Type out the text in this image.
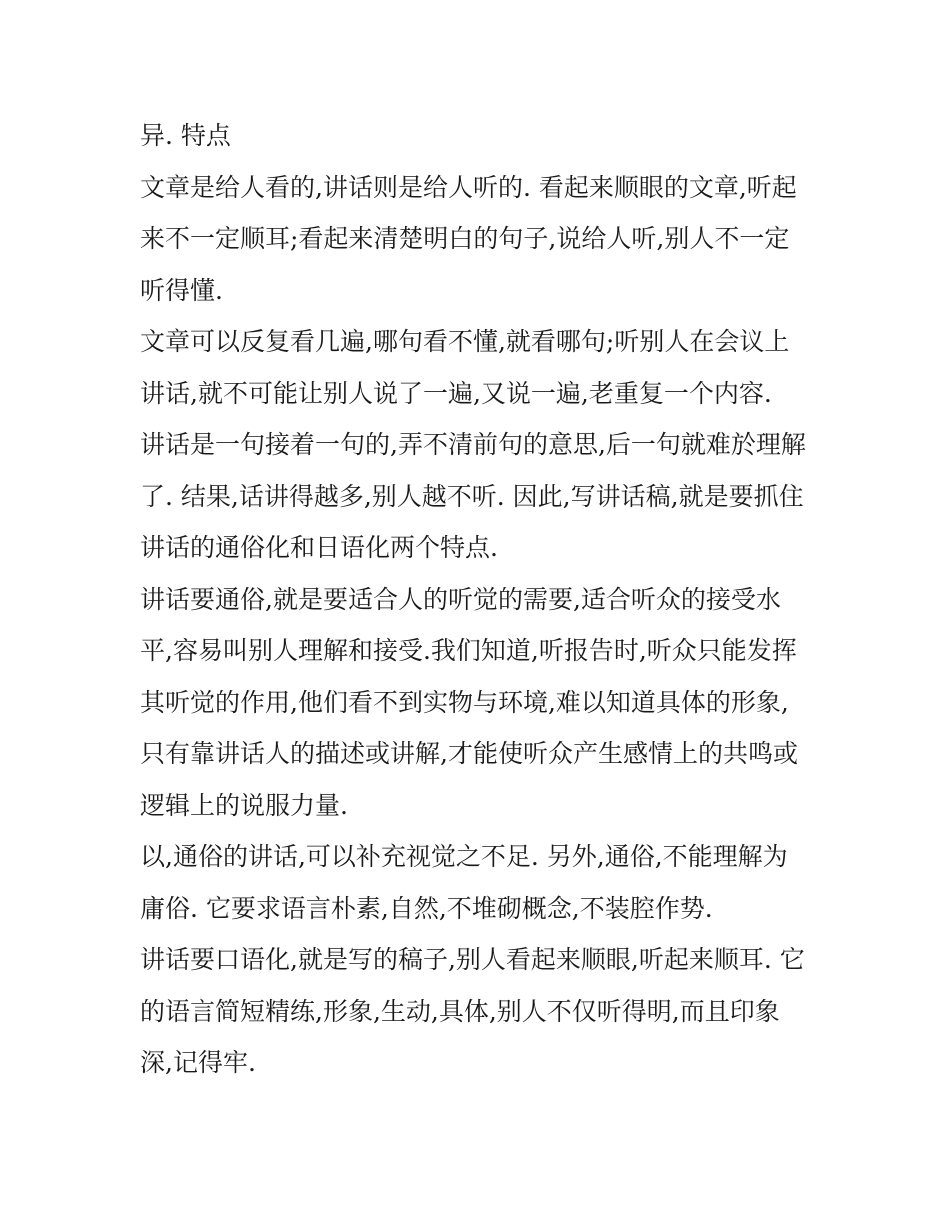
异. 特点

文章是给人看的,讲话则是给人听的. 看起来顺眼的文章,听起来不一定顺耳;看起来清楚明白的句子,说给人听,别人不一定听得懂.

文章可以反复看几遍,哪句看不懂,就看哪句;听别人在会议上讲话,就不可能让别人说了一遍,又说一遍,老重复一个内容.

讲话是一句接着一句的,弄不清前句的意思,后一句就难於理解了. 结果,话讲得越多,别人越不听. 因此,写讲话稿,就是要抓住讲话的通俗化和日语化两个特点.

讲话要通俗,就是要适合人的听觉的需要,适合听众的接受水平,容易叫别人理解和接受.我们知道,听报告时,听众只能发挥其听觉的作用,他们看不到实物与环境,难以知道具体的形象,只有靠讲话人的描述或讲解,才能使听众产生感情上的共鸣或逻辑上的说服力量.

以,通俗的讲话,可以补充视觉之不足. 另外,通俗,不能理解为庸俗. 它要求语言朴素,自然,不堆砌概念,不装腔作势.

讲话要口语化,就是写的稿子,别人看起来顺眼,听起来顺耳. 它的语言简短精练,形象,生动,具体,别人不仅听得明,而且印象深,记得牢.
